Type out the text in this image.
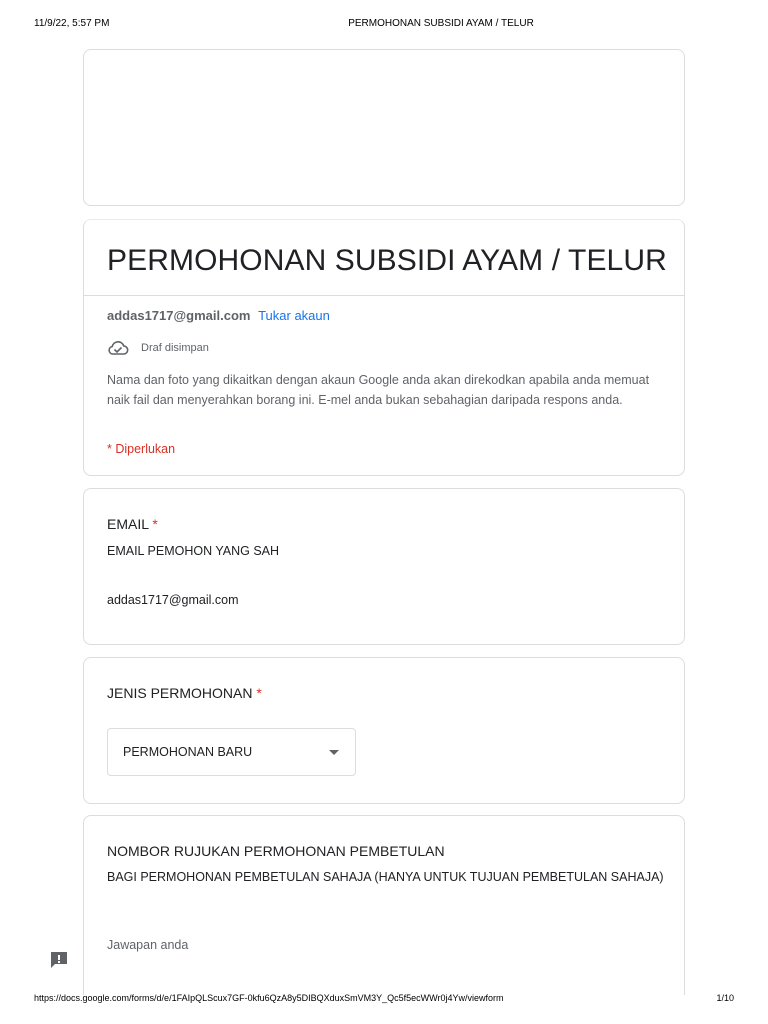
11/9/22, 5:57 PM	PERMOHONAN SUBSIDI AYAM / TELUR
PERMOHONAN SUBSIDI AYAM / TELUR
addas1717@gmail.com Tukar akaun
Draf disimpan
Nama dan foto yang dikaitkan dengan akaun Google anda akan direkodkan apabila anda memuat naik fail dan menyerahkan borang ini. E-mel anda bukan sebahagian daripada respons anda.
* Diperlukan
EMAIL *
EMAIL PEMOHON YANG SAH
addas1717@gmail.com
JENIS PERMOHONAN *
PERMOHONAN BARU
NOMBOR RUJUKAN PERMOHONAN PEMBETULAN
BAGI PERMOHONAN PEMBETULAN SAHAJA (HANYA UNTUK TUJUAN PEMBETULAN SAHAJA)
Jawapan anda
https://docs.google.com/forms/d/e/1FAIpQLScux7GF-0kfu6QzA8y5DIBQXduxSmVM3Y_Qc5f5ecWWr0j4Yw/viewform	1/10
